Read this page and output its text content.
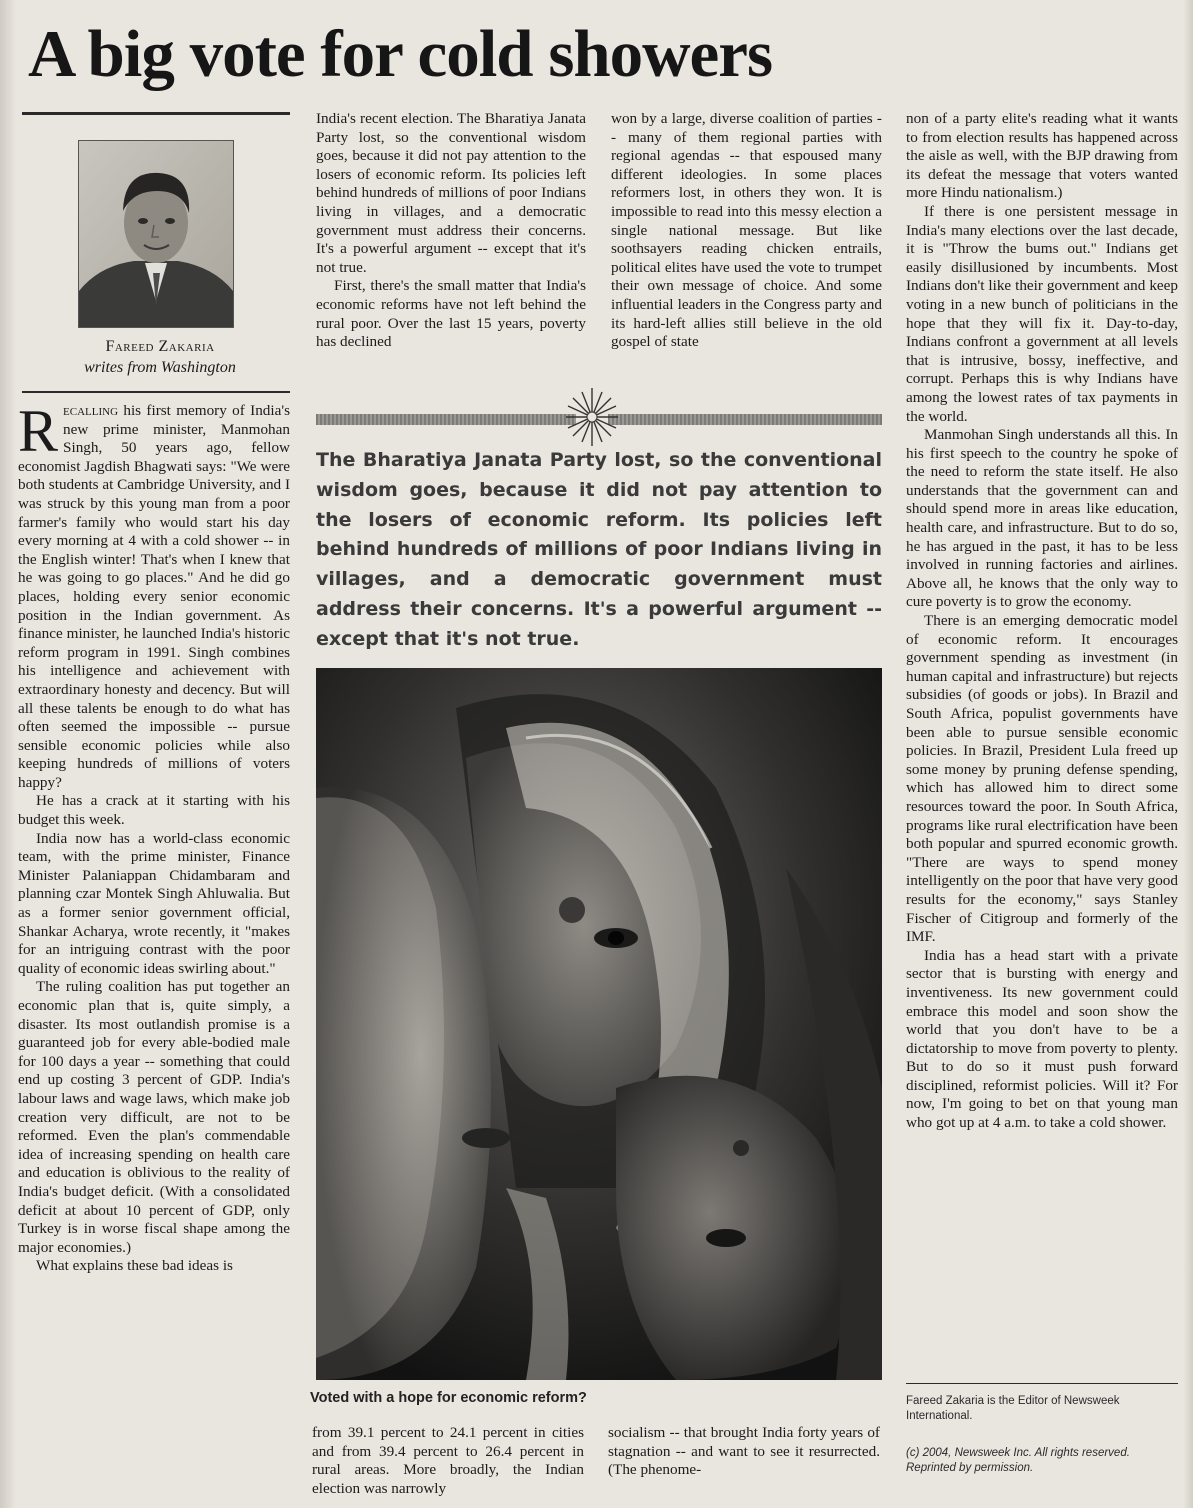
A big vote for cold showers

Fareed Zakaria

writes from Washington

Recalling his first memory of India's new prime minister, Manmohan Singh, 50 years ago, fellow economist Jagdish Bhagwati says: "We were both students at Cambridge University, and I was struck by this young man from a poor farmer's family who would start his day every morning at 4 with a cold shower -- in the English winter! That's when I knew that he was going to go places." And he did go places, holding every senior economic position in the Indian government. As finance minister, he launched India's historic reform program in 1991. Singh combines his intelligence and achievement with extraordinary honesty and decency. But will all these talents be enough to do what has often seemed the impossible -- pursue sensible economic policies while also keeping hundreds of millions of voters happy?

He has a crack at it starting with his budget this week.

India now has a world-class economic team, with the prime minister, Finance Minister Palaniappan Chidambaram and planning czar Montek Singh Ahluwalia. But as a former senior government official, Shankar Acharya, wrote recently, it "makes for an intriguing contrast with the poor quality of economic ideas swirling about."

The ruling coalition has put together an economic plan that is, quite simply, a disaster. Its most outlandish promise is a guaranteed job for every able-bodied male for 100 days a year -- something that could end up costing 3 percent of GDP. India's labour laws and wage laws, which make job creation very difficult, are not to be reformed. Even the plan's commendable idea of increasing spending on health care and education is oblivious to the reality of India's budget deficit. (With a consolidated deficit at about 10 percent of GDP, only Turkey is in worse fiscal shape among the major economies.)

What explains these bad ideas is

India's recent election. The Bharatiya Janata Party lost, so the conventional wisdom goes, because it did not pay attention to the losers of economic reform. Its policies left behind hundreds of millions of poor Indians living in villages, and a democratic government must address their concerns. It's a powerful argument -- except that it's not true.

First, there's the small matter that India's economic reforms have not left behind the rural poor. Over the last 15 years, poverty has declined

won by a large, diverse coalition of parties -- many of them regional parties with regional agendas -- that espoused many different ideologies. In some places reformers lost, in others they won. It is impossible to read into this messy election a single national message. But like soothsayers reading chicken entrails, political elites have used the vote to trumpet their own message of choice. And some influential leaders in the Congress party and its hard-left allies still believe in the old gospel of state

The Bharatiya Janata Party lost, so the conventional wisdom goes, because it did not pay attention to the losers of economic reform. Its policies left behind hundreds of millions of poor Indians living in villages, and a democratic government must address their concerns. It's a powerful argument -- except that it's not true.

Voted with a hope for economic reform?

from 39.1 percent to 24.1 percent in cities and from 39.4 percent to 26.4 percent in rural areas. More broadly, the Indian election was narrowly

socialism -- that brought India forty years of stagnation -- and want to see it resurrected. (The phenome-

non of a party elite's reading what it wants to from election results has happened across the aisle as well, with the BJP drawing from its defeat the message that voters wanted more Hindu nationalism.)

If there is one persistent message in India's many elections over the last decade, it is "Throw the bums out." Indians get easily disillusioned by incumbents. Most Indians don't like their government and keep voting in a new bunch of politicians in the hope that they will fix it. Day-to-day, Indians confront a government at all levels that is intrusive, bossy, ineffective, and corrupt. Perhaps this is why Indians have among the lowest rates of tax payments in the world.

Manmohan Singh understands all this. In his first speech to the country he spoke of the need to reform the state itself. He also understands that the government can and should spend more in areas like education, health care, and infrastructure. But to do so, he has argued in the past, it has to be less involved in running factories and airlines. Above all, he knows that the only way to cure poverty is to grow the economy.

There is an emerging democratic model of economic reform. It encourages government spending as investment (in human capital and infrastructure) but rejects subsidies (of goods or jobs). In Brazil and South Africa, populist governments have been able to pursue sensible economic policies. In Brazil, President Lula freed up some money by pruning defense spending, which has allowed him to direct some resources toward the poor. In South Africa, programs like rural electrification have been both popular and spurred economic growth. "There are ways to spend money intelligently on the poor that have very good results for the economy," says Stanley Fischer of Citigroup and formerly of the IMF.

India has a head start with a private sector that is bursting with energy and inventiveness. Its new government could embrace this model and soon show the world that you don't have to be a dictatorship to move from poverty to plenty. But to do so it must push forward disciplined, reformist policies. Will it? For now, I'm going to bet on that young man who got up at 4 a.m. to take a cold shower.

Fareed Zakaria is the Editor of Newsweek International.

(c) 2004, Newsweek Inc. All rights reserved.
Reprinted by permission.
